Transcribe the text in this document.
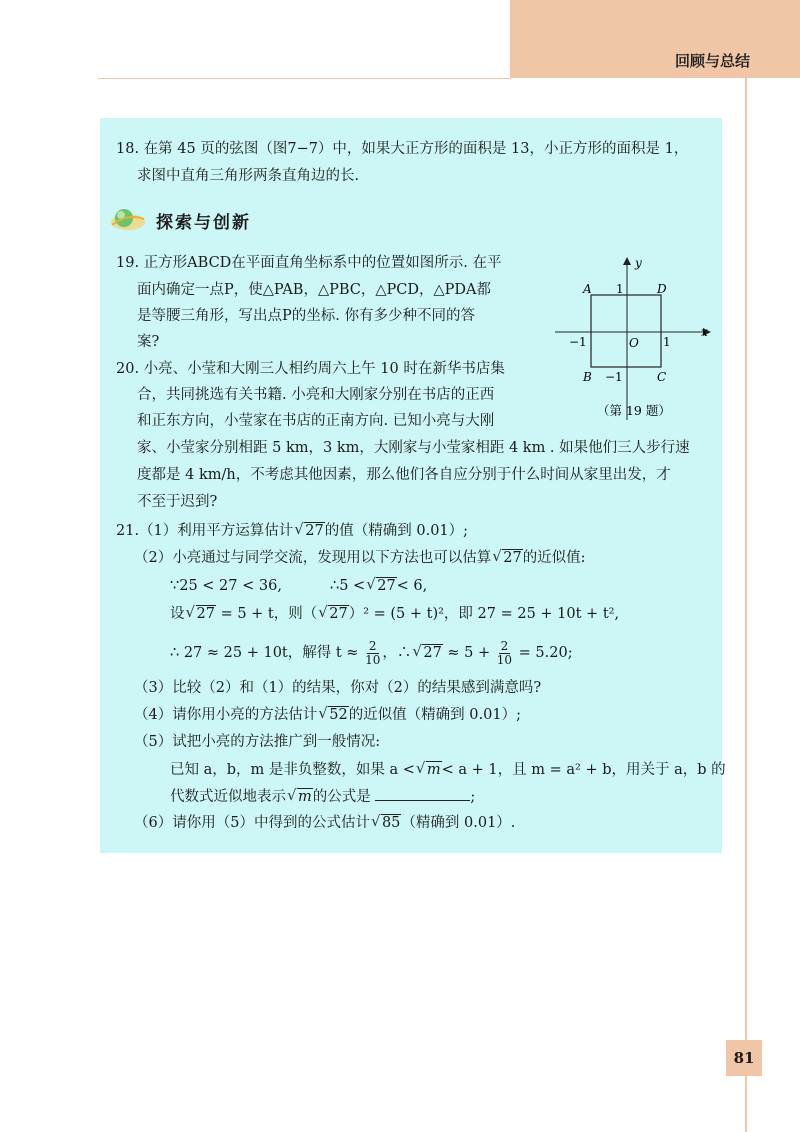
回顾与总结
18. 在第 45 页的弦图（图7−7）中，如果大正方形的面积是 13，小正方形的面积是 1，
求图中直角三角形两条直角边的长.
探索与创新
19. 正方形ABCD在平面直角坐标系中的位置如图所示. 在平
面内确定一点P，使△PAB，△PBC，△PCD，△PDA都
是等腰三角形，写出点P的坐标. 你有多少种不同的答
案?
y
x
A	D
B	C
O
1
1
−1
−1
（第 19 题）
20. 小亮、小莹和大刚三人相约周六上午 10 时在新华书店集
合，共同挑选有关书籍. 小亮和大刚家分别在书店的正西
和正东方向，小莹家在书店的正南方向. 已知小亮与大刚
家、小莹家分别相距 5 km，3 km，大刚家与小莹家相距 4 km . 如果他们三人步行速
度都是 4 km/h，不考虑其他因素，那么他们各自应分别于什么时间从家里出发，才
不至于迟到?
21.（1）利用平方运算估计 √ 27的值（精确到 0.01）;
（2）小亮通过与同学交流，发现用以下方法也可以估算 √ 27的近似值:
∵25 < 27 < 36,	∴5 < √ 27< 6,
设 √ 27 = 5 + t，则（ √ 27）² = (5 + t)²，即 27 = 25 + 10t + t²,
∴ 27 ≈ 25 + 10t，解得 $t \approx \frac{2}{10}$ ，∴ √ $27 \approx 5 + \frac{2}{10} = 5.20$;
（3）比较（2）和（1）的结果，你对（2）的结果感到满意吗?
（4）请你用小亮的方法估计 √ 52的近似值（精确到 0.01）;
（5）试把小亮的方法推广到一般情况:
已知 a，b，m 是非负整数，如果 a < √ m< a + 1，且 m = a² + b，用关于 a，b 的
代数式近似地表示 √ m的公式是	;
（6）请你用（5）中得到的公式估计 √ 85（精确到 0.01）.
81
